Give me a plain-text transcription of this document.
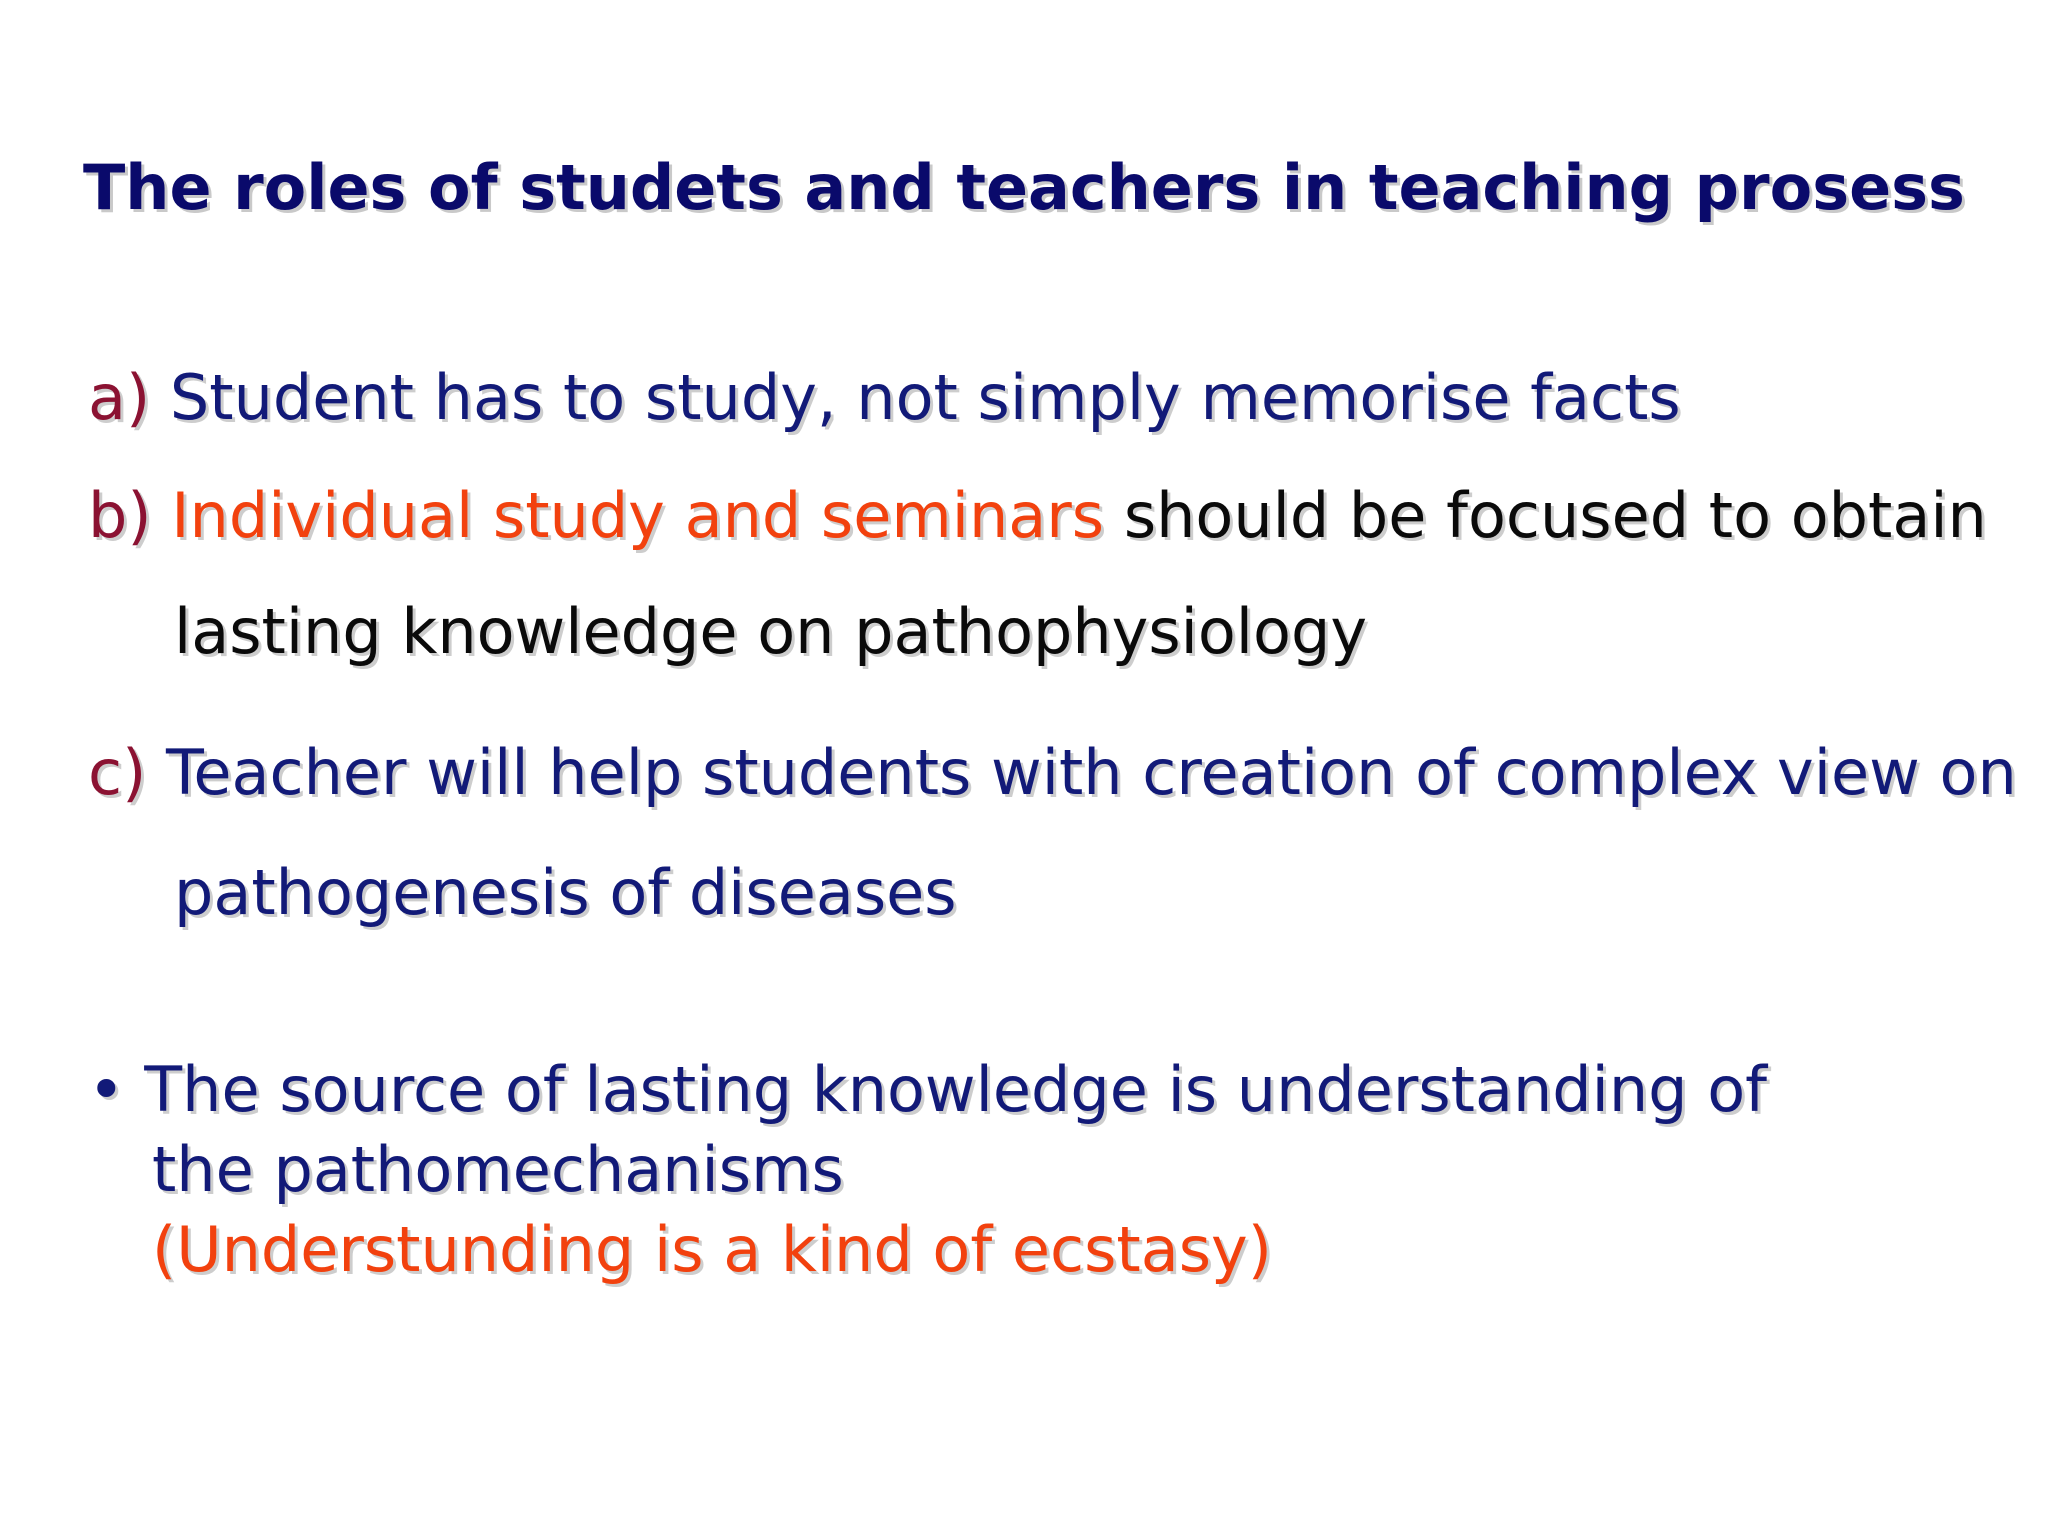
The roles of studets and teachers in teaching prosess
a) Student has to study, not simply memorise facts
b) Individual study and seminars should be focused to obtain
lasting knowledge on pathophysiology
c) Teacher will help students with creation of complex view on
pathogenesis of diseases
• The source of lasting knowledge is understanding of
the pathomechanisms
(Understunding is a kind of ecstasy)
